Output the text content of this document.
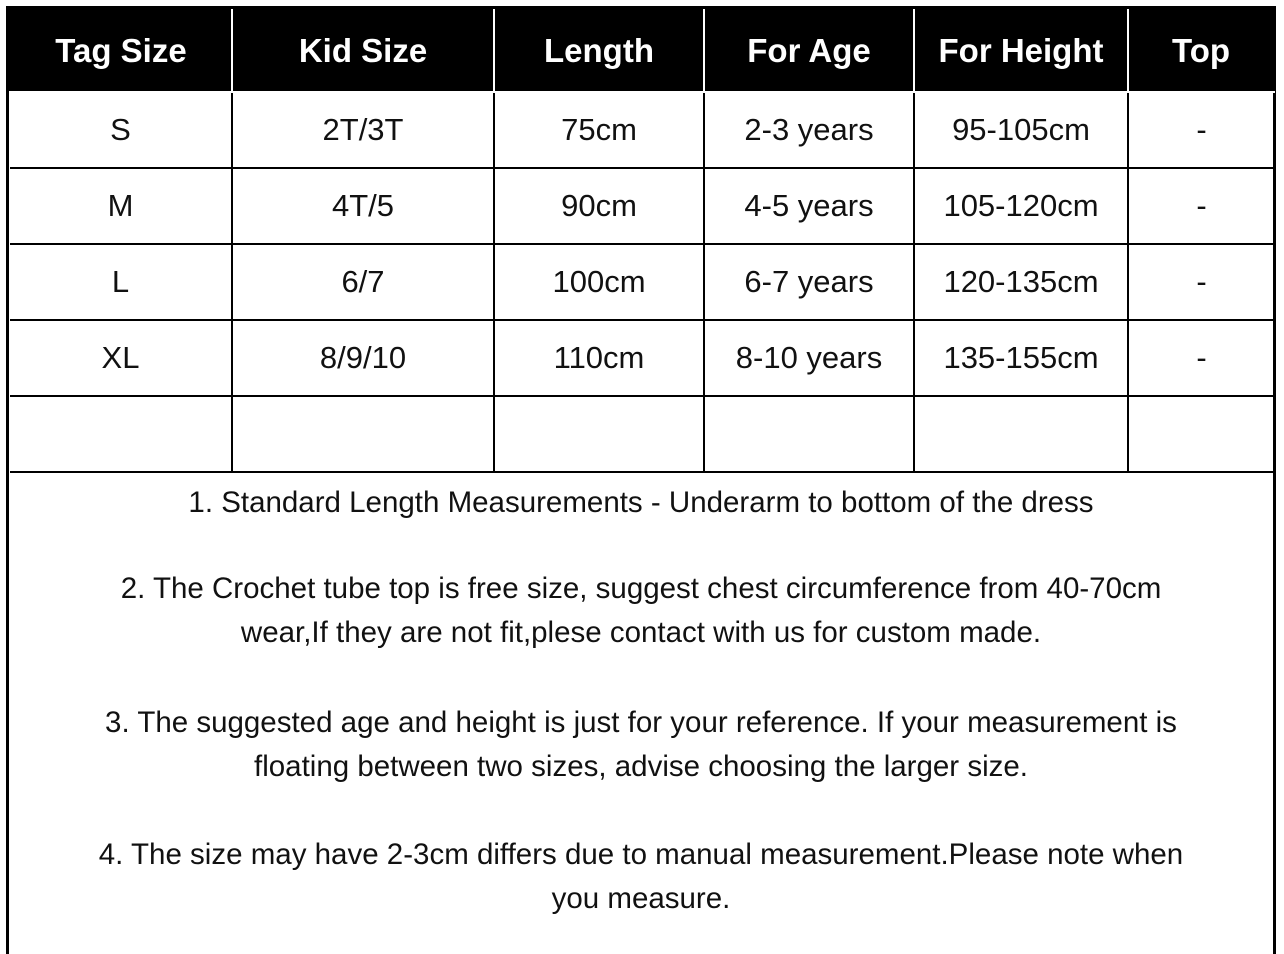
Tag Size	Kid Size	Length	For Age	For Height	Top
S	2T/3T	75cm	2-3 years	95-105cm	-
M	4T/5	90cm	4-5 years	105-120cm	-
L	6/7	100cm	6-7 years	120-135cm	-
XL	8/9/10	110cm	8-10 years	135-155cm	-

1. Standard Length Measurements - Underarm to bottom of the dress
2. The Crochet tube top is free size, suggest chest circumference from 40-70cm
wear,If they are not fit,plese contact with us for custom made.
3. The suggested age and height is just for your reference. If your measurement is
floating between two sizes, advise choosing the larger size.
4. The size may have 2-3cm differs due to manual measurement.Please note when
you measure.
